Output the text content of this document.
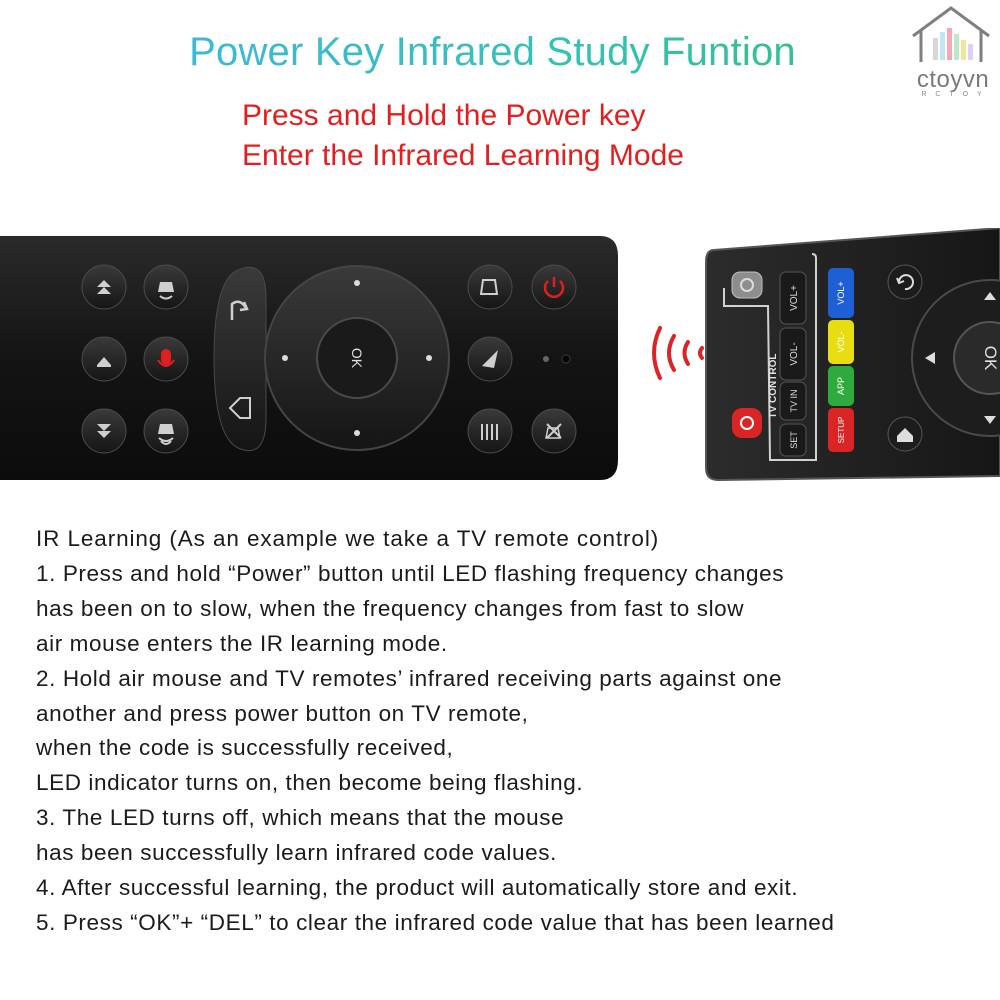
Power Key Infrared Study Funtion
Press and Hold the Power key
Enter the Infrared Learning Mode
ctoyvn
RCTOY
OK
VOL+
VOL-
TV IN
SET
TV CONTROL
VOL+
VOL-
APP
SETUP
OK
IR Learning (As an example we take a TV remote control)
1. Press and hold “Power” button until LED flashing frequency changes
has been on to slow, when the frequency changes from fast to slow
air mouse enters the IR learning mode.
2. Hold air mouse and TV remotes’ infrared receiving parts against one
another and press power button on TV remote,
when the code is successfully received,
LED indicator turns on, then become being flashing.
3. The LED turns off, which means that the mouse
has been successfully learn infrared code values.
4. After successful learning, the product will automatically store and exit.
5. Press “OK”+ “DEL” to clear the infrared code value that has been learned
